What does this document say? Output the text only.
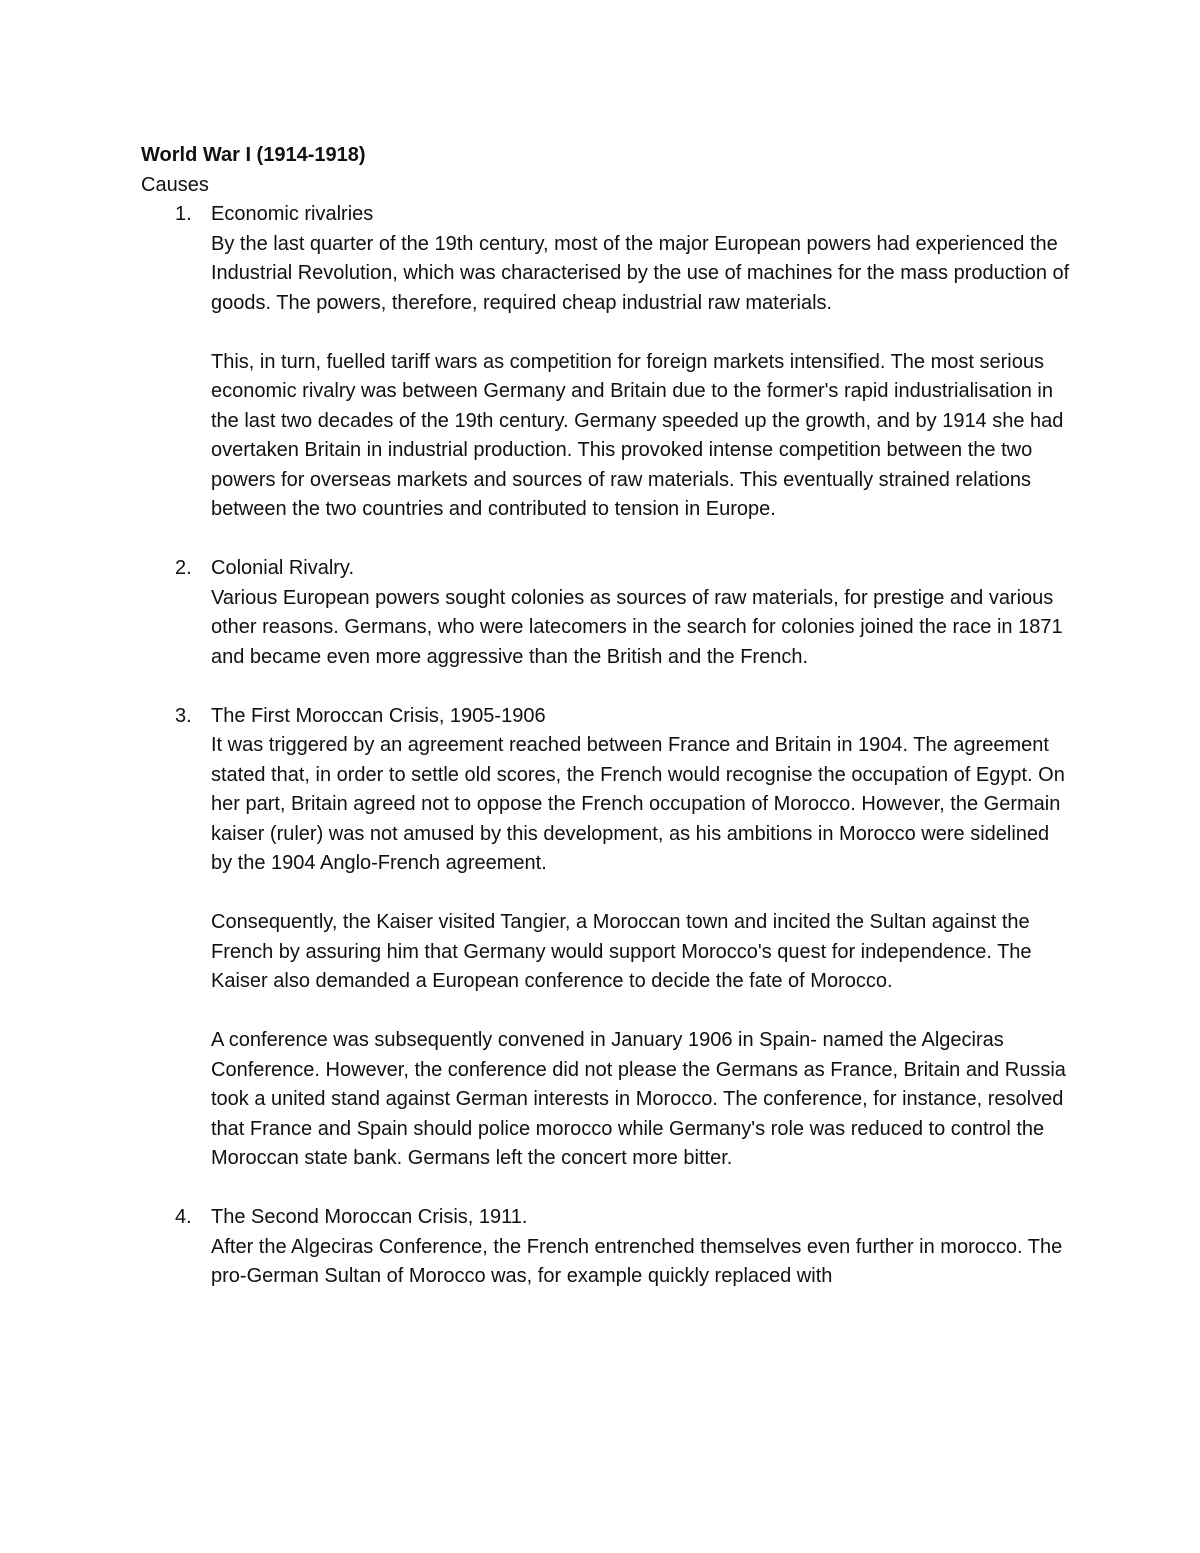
World War I (1914-1918)

Causes

1. Economic rivalries

By the last quarter of the 19th century, most of the major European powers had experienced the Industrial Revolution, which was characterised by the use of machines for the mass production of goods. The powers, therefore, required cheap industrial raw materials.

This, in turn, fuelled tariff wars as competition for foreign markets intensified. The most serious economic rivalry was between Germany and Britain due to the former's rapid industrialisation in the last two decades of the 19th century. Germany speeded up the growth, and by 1914 she had overtaken Britain in industrial production. This provoked intense competition between the two powers for overseas markets and sources of raw materials. This eventually strained relations between the two countries and contributed to tension in Europe.

2. Colonial Rivalry.

Various European powers sought colonies as sources of raw materials, for prestige and various other reasons. Germans, who were latecomers in the search for colonies joined the race in 1871 and became even more aggressive than the British and the French.

3. The First Moroccan Crisis, 1905-1906

It was triggered by an agreement reached between France and Britain in 1904. The agreement stated that, in order to settle old scores, the French would recognise the occupation of Egypt. On her part, Britain agreed not to oppose the French occupation of Morocco. However, the Germain kaiser (ruler) was not amused by this development, as his ambitions in Morocco were sidelined by the 1904 Anglo-French agreement.

Consequently, the Kaiser visited Tangier, a Moroccan town and incited the Sultan against the French by assuring him that Germany would support Morocco's quest for independence. The Kaiser also demanded a European conference to decide the fate of Morocco.

A conference was subsequently convened in January 1906 in Spain- named the Algeciras Conference. However, the conference did not please the Germans as France, Britain and Russia took a united stand against German interests in Morocco. The conference, for instance, resolved that France and Spain should police morocco while Germany's role was reduced to control the Moroccan state bank. Germans left the concert more bitter.

4. The Second Moroccan Crisis, 1911.

After the Algeciras Conference, the French entrenched themselves even further in morocco. The pro-German Sultan of Morocco was, for example quickly replaced with
